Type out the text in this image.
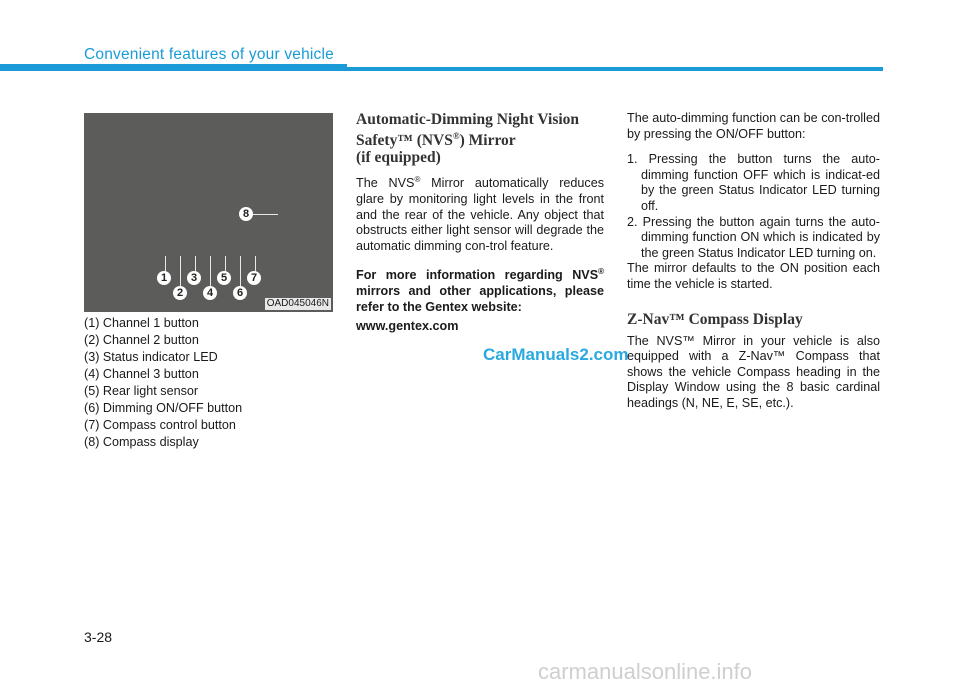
Convenient features of your vehicle
1	3	5	7
2	4	6
8
OAD045046N
(1) Channel 1 button
(2) Channel 2 button
(3) Status indicator LED
(4) Channel 3 button
(5) Rear light sensor
(6) Dimming ON/OFF button
(7) Compass control button
(8) Compass display
Automatic-Dimming Night Vision
Safety™ (NVS®) Mirror
(if equipped)

The NVS® Mirror automatically reduces glare by monitoring light levels in the front and the rear of the vehicle. Any object that obstructs either light sensor will degrade the automatic dimming con-trol feature.

For more information regarding NVS® mirrors and other applications, please refer to the Gentex website:

www.gentex.com

The auto-dimming function can be con-trolled by pressing the ON/OFF button:

1. Pressing the button turns the auto-dimming function OFF which is indicat-ed by the green Status Indicator LED turning off.
2. Pressing the button again turns the auto-dimming function ON which is indicated by the green Status Indicator LED turning on.

The mirror defaults to the ON position each time the vehicle is started.

Z-Nav™ Compass Display

The NVS™ Mirror in your vehicle is also equipped with a Z-Nav™ Compass that shows the vehicle Compass heading in the Display Window using the 8 basic cardinal headings (N, NE, E, SE, etc.).

CarManuals2.com
3-28
carmanualsonline.info
